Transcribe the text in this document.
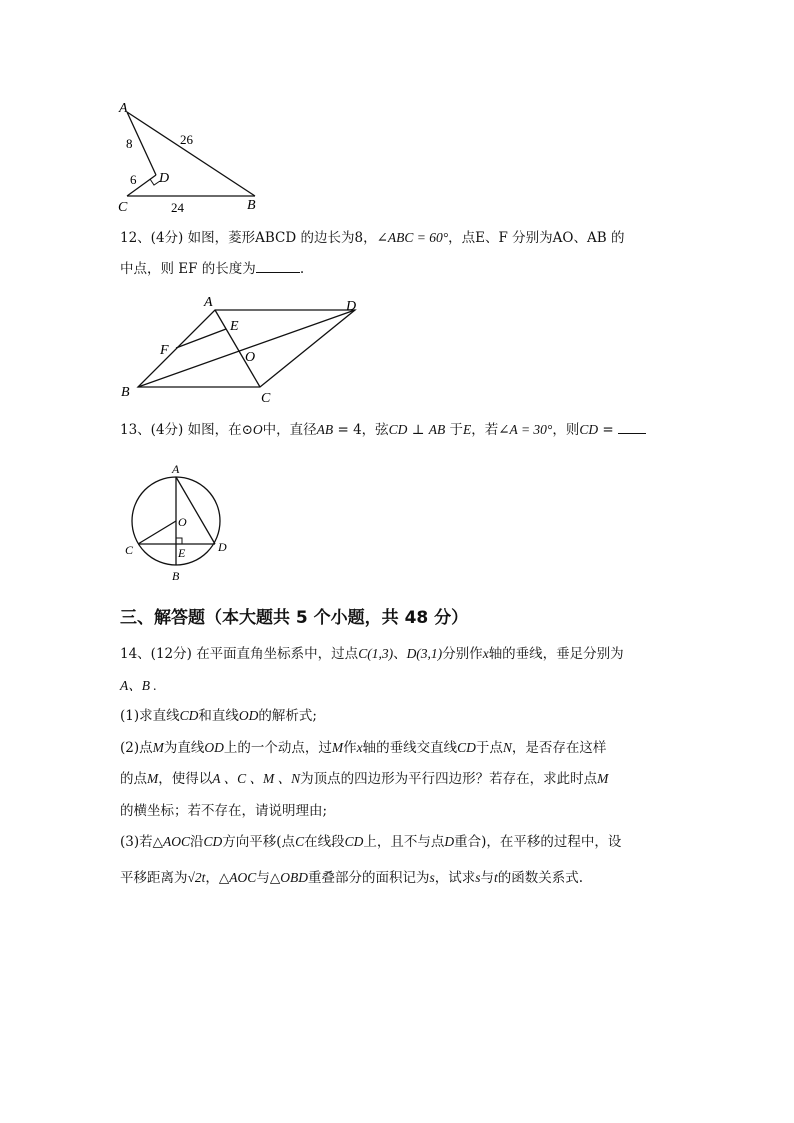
A
D
C	B
8	26
6
24
12、(4分) 如图，菱形ABCD 的边长为8，∠ABC = 60°，点E、F 分别为AO、AB 的
中点，则 EF 的长度为	.
A	D
E
F	O
B	C
13、(4分) 如图，在⊙O中，直径AB = 4，弦CD ⊥ AB 于E，若∠A = 30°，则CD =
A
O
C	E	D
B
三、解答题（本大题共 5 个小题，共 48 分）
14、(12分) 在平面直角坐标系中，过点C(1,3)、D(3,1)分别作x轴的垂线，垂足分别为
A、B .
(1)求直线CD和直线OD的解析式;
(2)点M为直线OD上的一个动点，过M作x轴的垂线交直线CD于点N，是否存在这样
的点M，使得以A 、C 、M 、N为顶点的四边形为平行四边形？若存在，求此时点M
的横坐标；若不存在，请说明理由;
(3)若△AOC沿CD方向平移(点C在线段CD上，且不与点D重合)，在平移的过程中，设
平移距离为√2t，△AOC与△OBD重叠部分的面积记为s，试求s与t的函数关系式.
